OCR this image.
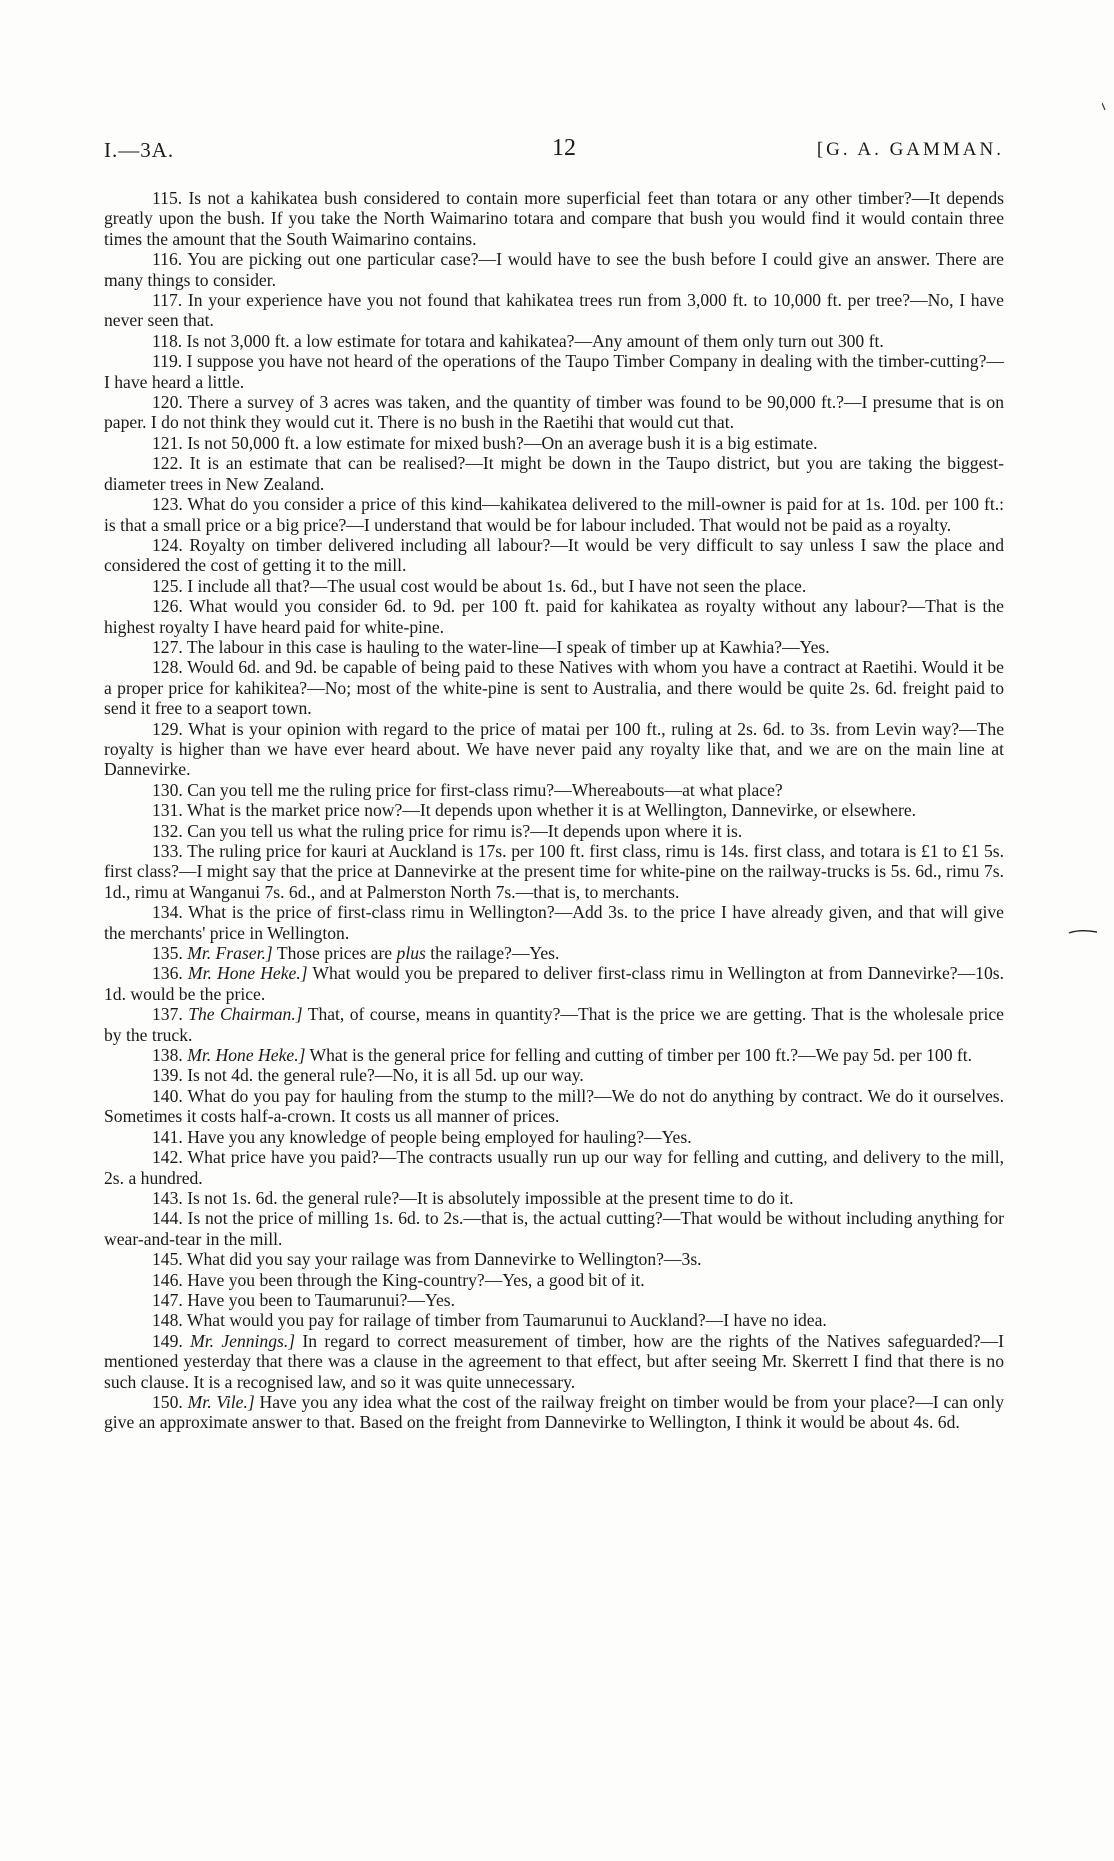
I.—3A.	12	[G. A. GAMMAN.

115. Is not a kahikatea bush considered to contain more superficial feet than totara or any other timber?—It depends greatly upon the bush. If you take the North Waimarino totara and compare that bush you would find it would contain three times the amount that the South Waimarino contains.

116. You are picking out one particular case?—I would have to see the bush before I could give an answer. There are many things to consider.

117. In your experience have you not found that kahikatea trees run from 3,000 ft. to 10,000 ft. per tree?—No, I have never seen that.

118. Is not 3,000 ft. a low estimate for totara and kahikatea?—Any amount of them only turn out 300 ft.

119. I suppose you have not heard of the operations of the Taupo Timber Company in dealing with the timber-cutting?—I have heard a little.

120. There a survey of 3 acres was taken, and the quantity of timber was found to be 90,000 ft.?—I presume that is on paper. I do not think they would cut it. There is no bush in the Raetihi that would cut that.

121. Is not 50,000 ft. a low estimate for mixed bush?—On an average bush it is a big estimate.

122. It is an estimate that can be realised?—It might be down in the Taupo district, but you are taking the biggest-diameter trees in New Zealand.

123. What do you consider a price of this kind—kahikatea delivered to the mill-owner is paid for at 1s. 10d. per 100 ft.: is that a small price or a big price?—I understand that would be for labour included. That would not be paid as a royalty.

124. Royalty on timber delivered including all labour?—It would be very difficult to say unless I saw the place and considered the cost of getting it to the mill.

125. I include all that?—The usual cost would be about 1s. 6d., but I have not seen the place.

126. What would you consider 6d. to 9d. per 100 ft. paid for kahikatea as royalty without any labour?—That is the highest royalty I have heard paid for white-pine.

127. The labour in this case is hauling to the water-line—I speak of timber up at Kawhia?—Yes.

128. Would 6d. and 9d. be capable of being paid to these Natives with whom you have a contract at Raetihi. Would it be a proper price for kahikitea?—No; most of the white-pine is sent to Australia, and there would be quite 2s. 6d. freight paid to send it free to a seaport town.

129. What is your opinion with regard to the price of matai per 100 ft., ruling at 2s. 6d. to 3s. from Levin way?—The royalty is higher than we have ever heard about. We have never paid any royalty like that, and we are on the main line at Dannevirke.

130. Can you tell me the ruling price for first-class rimu?—Whereabouts—at what place?

131. What is the market price now?—It depends upon whether it is at Wellington, Dannevirke, or elsewhere.

132. Can you tell us what the ruling price for rimu is?—It depends upon where it is.

133. The ruling price for kauri at Auckland is 17s. per 100 ft. first class, rimu is 14s. first class, and totara is £1 to £1 5s. first class?—I might say that the price at Dannevirke at the present time for white-pine on the railway-trucks is 5s. 6d., rimu 7s. 1d., rimu at Wanganui 7s. 6d., and at Palmerston North 7s.—that is, to merchants.

134. What is the price of first-class rimu in Wellington?—Add 3s. to the price I have already given, and that will give the merchants' price in Wellington.

135. Mr. Fraser.] Those prices are plus the railage?—Yes.

136. Mr. Hone Heke.] What would you be prepared to deliver first-class rimu in Wellington at from Dannevirke?—10s. 1d. would be the price.

137. The Chairman.] That, of course, means in quantity?—That is the price we are getting. That is the wholesale price by the truck.

138. Mr. Hone Heke.] What is the general price for felling and cutting of timber per 100 ft.?—We pay 5d. per 100 ft.

139. Is not 4d. the general rule?—No, it is all 5d. up our way.

140. What do you pay for hauling from the stump to the mill?—We do not do anything by contract. We do it ourselves. Sometimes it costs half-a-crown. It costs us all manner of prices.

141. Have you any knowledge of people being employed for hauling?—Yes.

142. What price have you paid?—The contracts usually run up our way for felling and cutting, and delivery to the mill, 2s. a hundred.

143. Is not 1s. 6d. the general rule?—It is absolutely impossible at the present time to do it.

144. Is not the price of milling 1s. 6d. to 2s.—that is, the actual cutting?—That would be without including anything for wear-and-tear in the mill.

145. What did you say your railage was from Dannevirke to Wellington?—3s.

146. Have you been through the King-country?—Yes, a good bit of it.

147. Have you been to Taumarunui?—Yes.

148. What would you pay for railage of timber from Taumarunui to Auckland?—I have no idea.

149. Mr. Jennings.] In regard to correct measurement of timber, how are the rights of the Natives safeguarded?—I mentioned yesterday that there was a clause in the agreement to that effect, but after seeing Mr. Skerrett I find that there is no such clause. It is a recognised law, and so it was quite unnecessary.

150. Mr. Vile.] Have you any idea what the cost of the railway freight on timber would be from your place?—I can only give an approximate answer to that. Based on the freight from Dannevirke to Wellington, I think it would be about 4s. 6d.
